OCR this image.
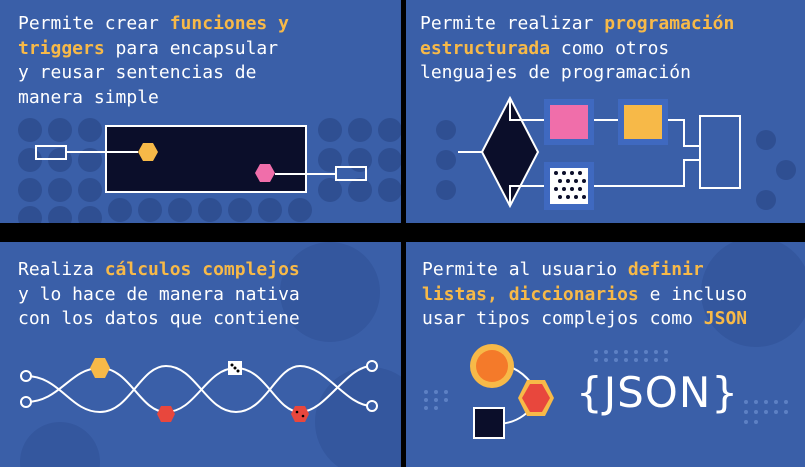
Permite crear funciones y
triggers para encapsular
y reusar sentencias de
manera simple
Permite realizar programación
estructurada como otros
lenguajes de programación
Realiza cálculos complejos
y lo hace de manera nativa
con los datos que contiene
Permite al usuario definir
listas, diccionarios e incluso
usar tipos complejos como JSON
{JSON}
